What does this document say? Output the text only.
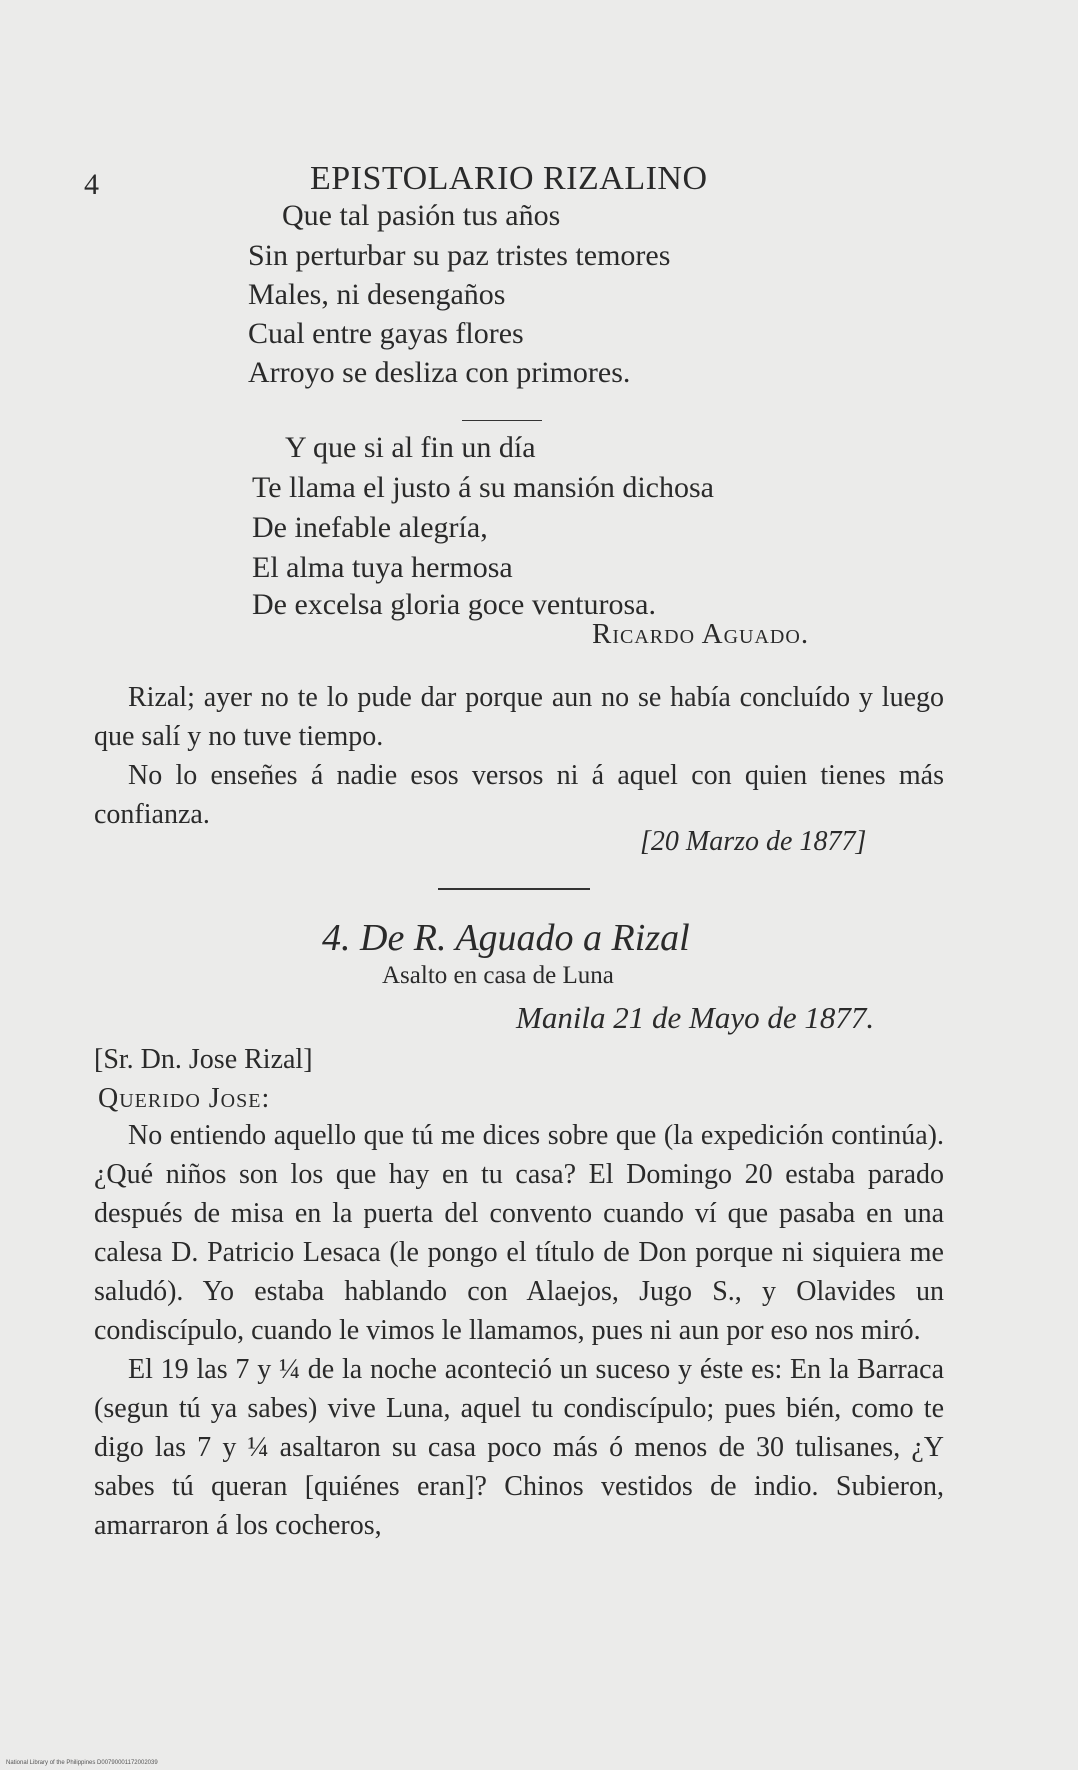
4	EPISTOLARIO RIZALINO
Que tal pasión tus años
Sin perturbar su paz tristes temores
Males, ni desengaños
Cual entre gayas flores
Arroyo se desliza con primores.
Y que si al fin un día
Te llama el justo á su mansión dichosa
De inefable alegría,
El alma tuya hermosa
De excelsa gloria goce venturosa.
Ricardo Aguado.

Rizal; ayer no te lo pude dar porque aun no se había concluído y luego que salí y no tuve tiempo.

No lo enseñes á nadie esos versos ni á aquel con quien tienes más confianza.

[20 Marzo de 1877]
4. De R. Aguado a Rizal
Asalto en casa de Luna
Manila 21 de Mayo de 1877.
[Sr. Dn. Jose Rizal]
Querido Jose:

No entiendo aquello que tú me dices sobre que (la expedición continúa). ¿Qué niños son los que hay en tu casa? El Domingo 20 estaba parado después de misa en la puerta del convento cuando ví que pasaba en una calesa D. Patricio Lesaca (le pongo el título de Don porque ni siquiera me saludó). Yo estaba hablando con Alaejos, Jugo S., y Olavides un condiscípulo, cuando le vimos le llamamos, pues ni aun por eso nos miró.

El 19 las 7 y ¼ de la noche aconteció un suceso y éste es: En la Barraca (segun tú ya sabes) vive Luna, aquel tu condiscípulo; pues bién, como te digo las 7 y ¼ asaltaron su casa poco más ó menos de 30 tulisanes, ¿Y sabes tú queran [quiénes eran]? Chinos vestidos de indio. Subieron, amarraron á los cocheros,

National Library of the Philippines D00790001172002039
